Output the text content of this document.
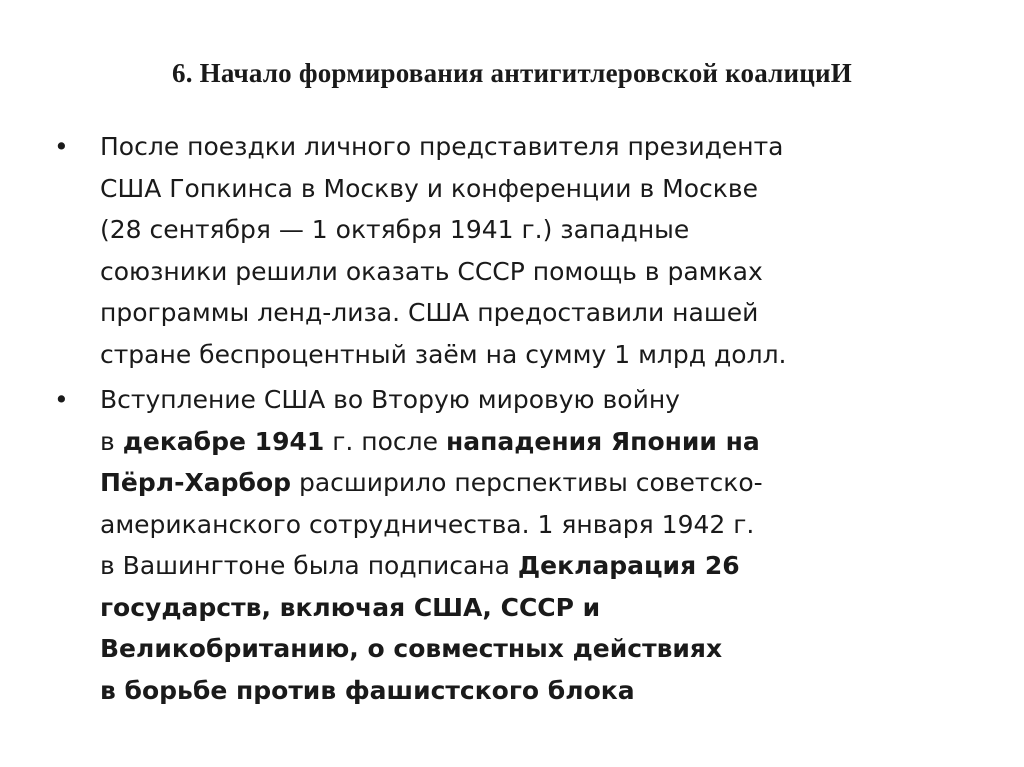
6. Начало формирования антигитлеровской коалициИ
• После поездки личного представителя президента
США Гопкинса в Москву и конференции в Москве
(28 сентября — 1 октября 1941 г.) западные
союзники решили оказать СССР помощь в рамках
программы ленд-лиза. США предоставили нашей
стране беспроцентный заём на сумму 1 млрд долл.
• Вступление США во Вторую мировую войну
в декабре 1941 г. после нападения Японии на
Пёрл-Харбор расширило перспективы советско-
американского сотрудничества. 1 января 1942 г.
в Вашингтоне была подписана Декларация 26
государств, включая США, СССР и
Великобританию, о совместных действиях
в борьбе против фашистского блока
